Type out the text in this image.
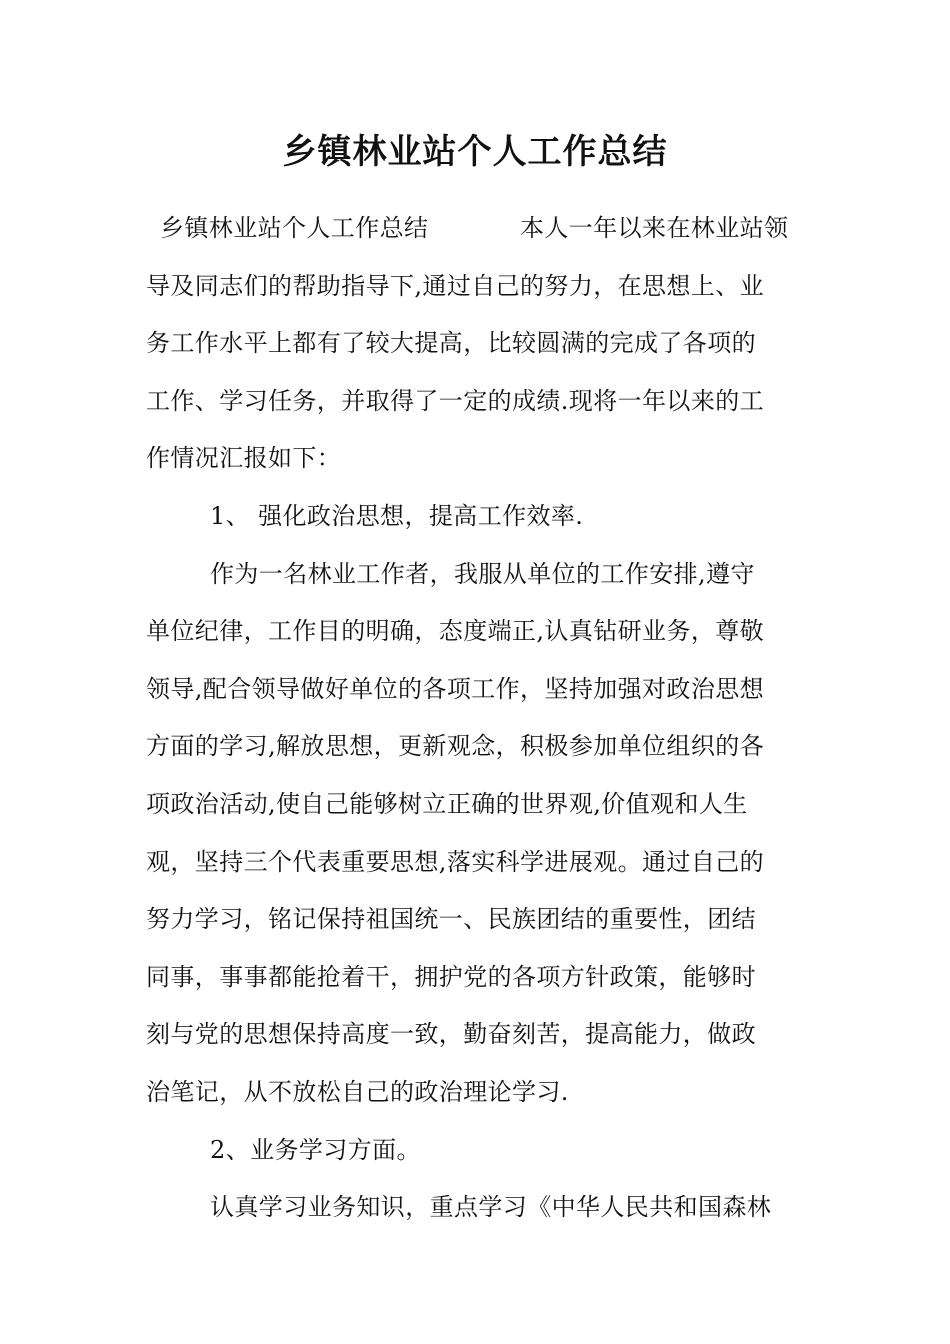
乡镇林业站个人工作总结
乡镇林业站个人工作总结	本人一年以来在林业站领
导及同志们的帮助指导下,通过自己的努力，在思想上、业
务工作水平上都有了较大提高，比较圆满的完成了各项的
工作、学习任务，并取得了一定的成绩.现将一年以来的工
作情况汇报如下：
1、 强化政治思想，提高工作效率.
作为一名林业工作者，我服从单位的工作安排,遵守
单位纪律，工作目的明确，态度端正,认真钻研业务，尊敬
领导,配合领导做好单位的各项工作，坚持加强对政治思想
方面的学习,解放思想，更新观念，积极参加单位组织的各
项政治活动,使自己能够树立正确的世界观,价值观和人生
观，坚持三个代表重要思想,落实科学进展观。通过自己的
努力学习，铭记保持祖国统一、民族团结的重要性，团结
同事，事事都能抢着干，拥护党的各项方针政策，能够时
刻与党的思想保持高度一致，勤奋刻苦，提高能力，做政
治笔记，从不放松自己的政治理论学习.
2、业务学习方面。
认真学习业务知识，重点学习《中华人民共和国森林
